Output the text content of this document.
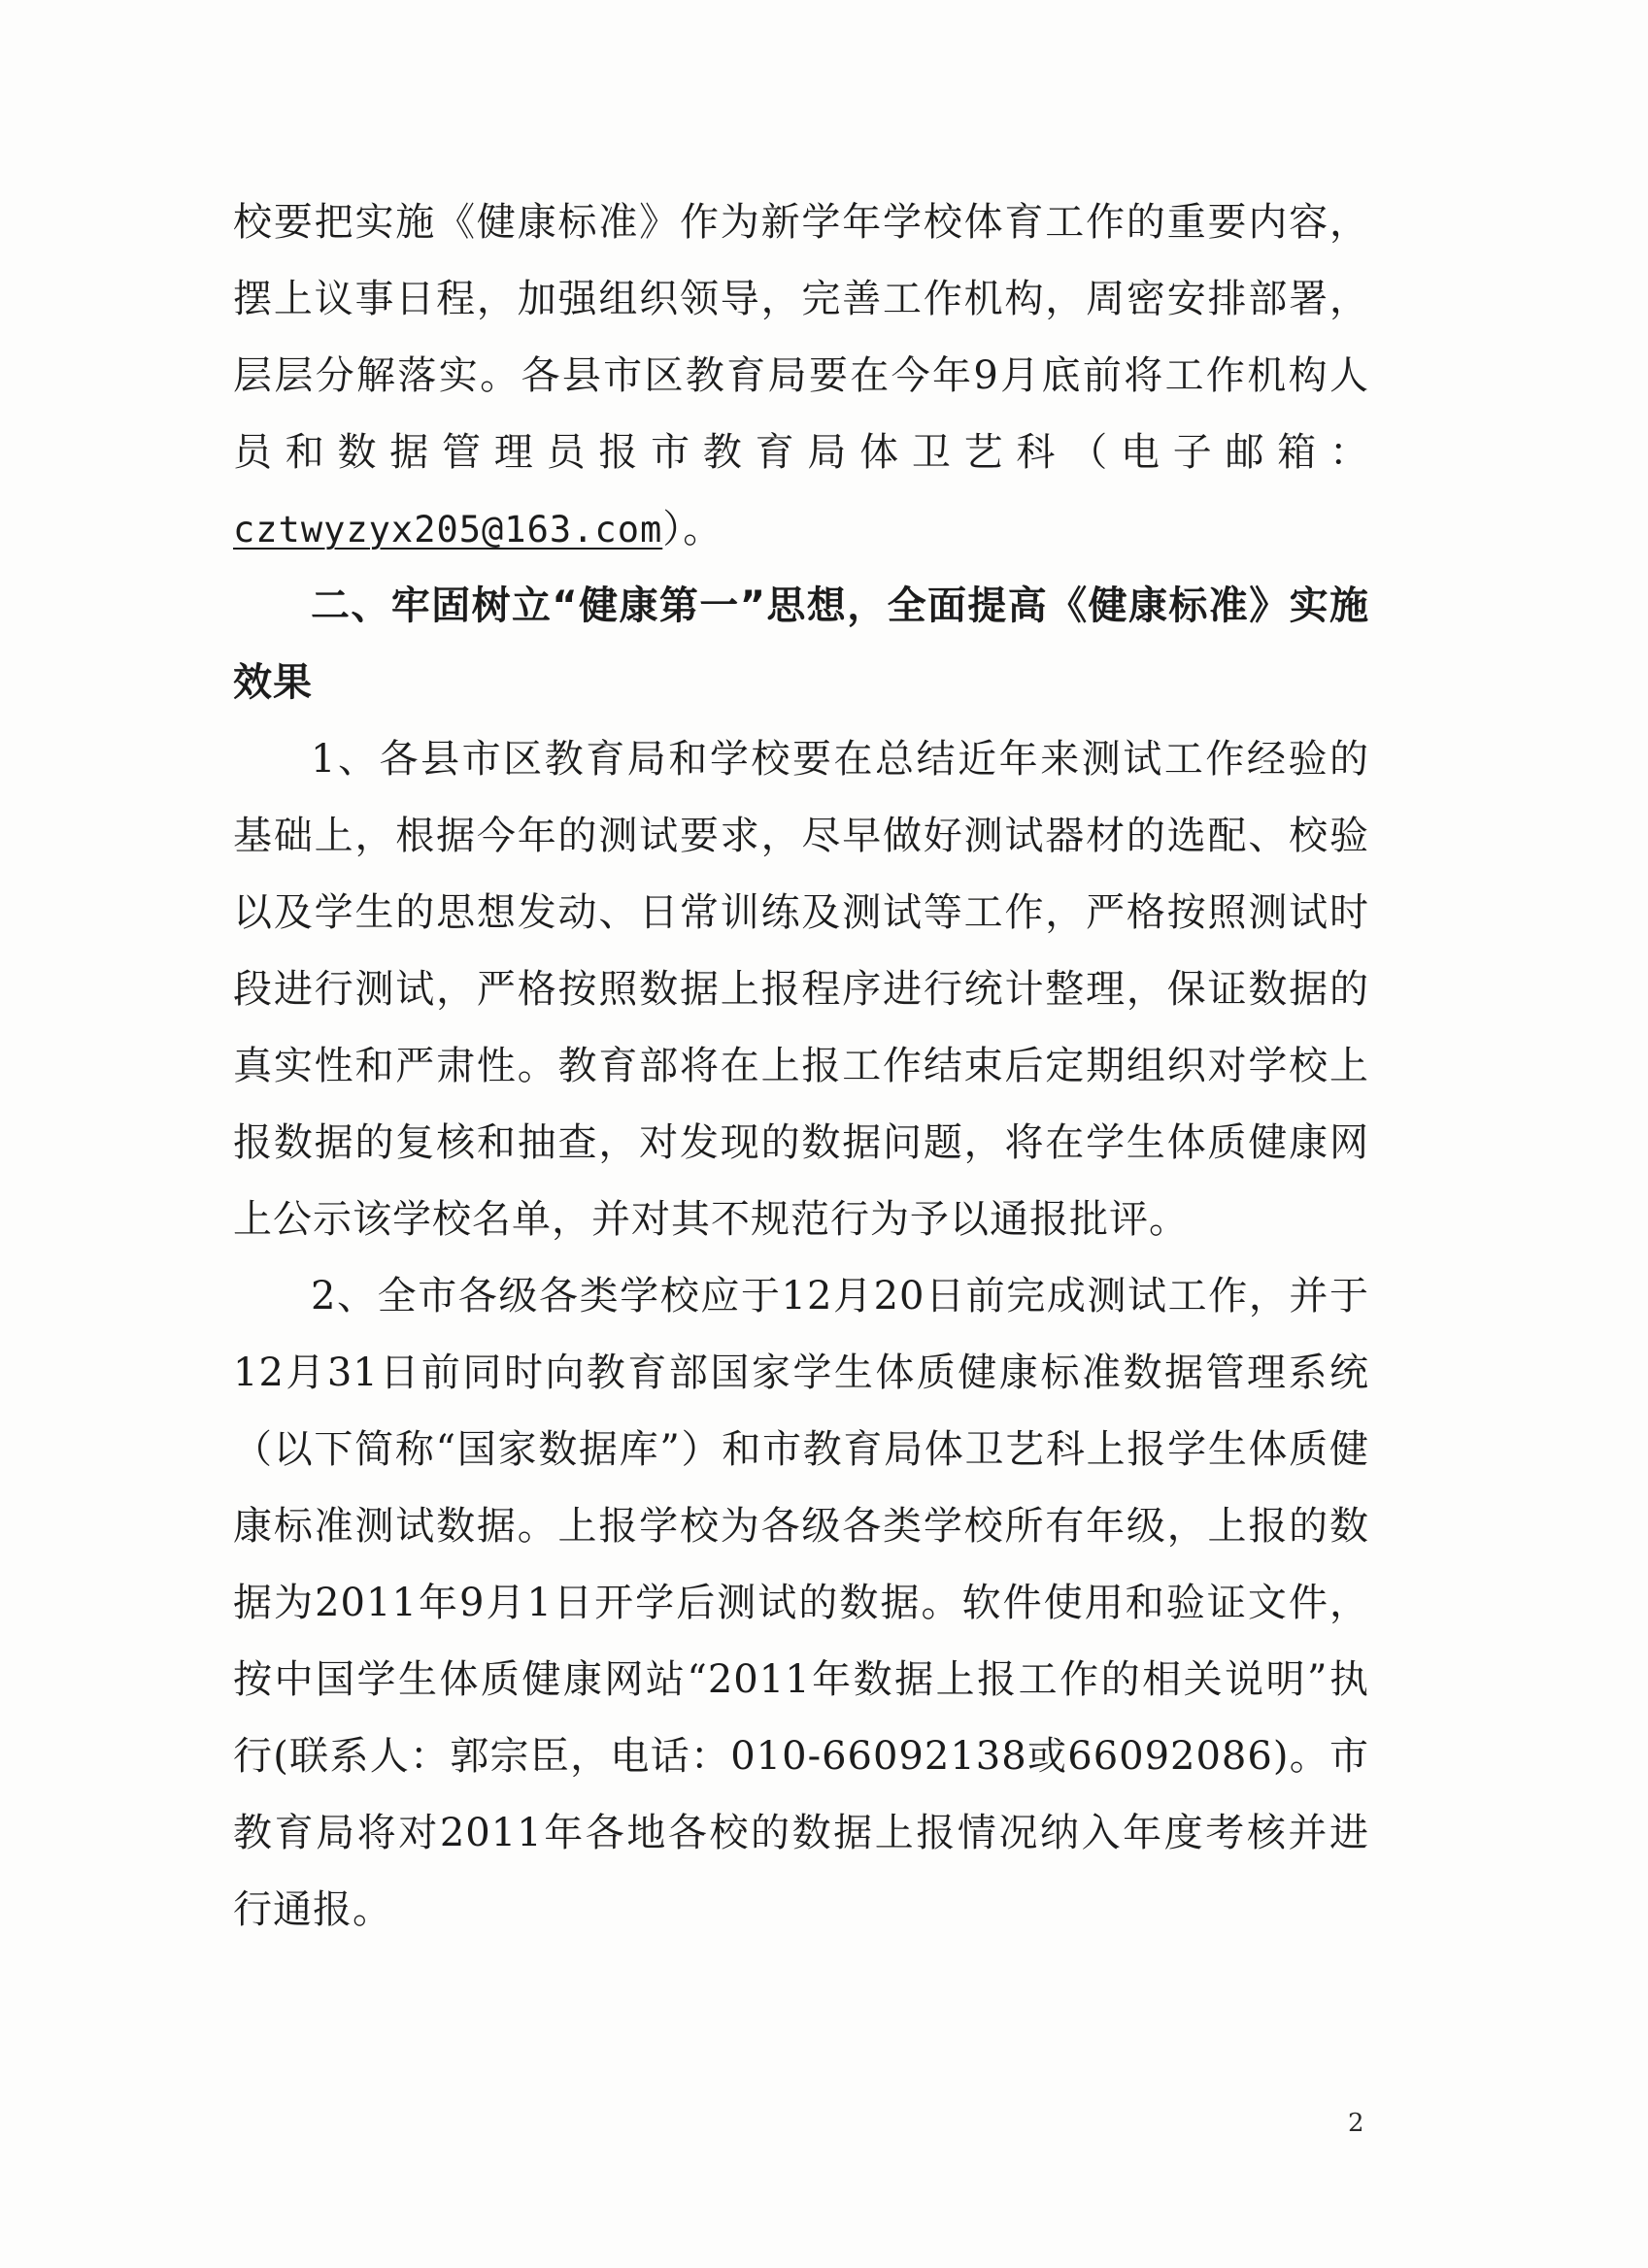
校要把实施《健康标准》作为新学年学校体育工作的重要内容，摆上议事日程，加强组织领导，完善工作机构，周密安排部署，层层分解落实。各县市区教育局要在今年9月底前将工作机构人员和数据管理员报市教育局体卫艺科（电子邮箱：cztwyzyx205@163.com）。

二、牢固树立“健康第一”思想，全面提高《健康标准》实施效果

1、各县市区教育局和学校要在总结近年来测试工作经验的基础上，根据今年的测试要求，尽早做好测试器材的选配、校验以及学生的思想发动、日常训练及测试等工作，严格按照测试时段进行测试，严格按照数据上报程序进行统计整理，保证数据的真实性和严肃性。教育部将在上报工作结束后定期组织对学校上报数据的复核和抽查，对发现的数据问题，将在学生体质健康网上公示该学校名单，并对其不规范行为予以通报批评。

2、全市各级各类学校应于12月20日前完成测试工作，并于12月31日前同时向教育部国家学生体质健康标准数据管理系统（以下简称“国家数据库”）和市教育局体卫艺科上报学生体质健康标准测试数据。上报学校为各级各类学校所有年级，上报的数据为2011年9月1日开学后测试的数据。软件使用和验证文件，按中国学生体质健康网站“2011年数据上报工作的相关说明”执行(联系人：郭宗臣，电话：010-66092138或66092086)。市教育局将对2011年各地各校的数据上报情况纳入年度考核并进行通报。

2
